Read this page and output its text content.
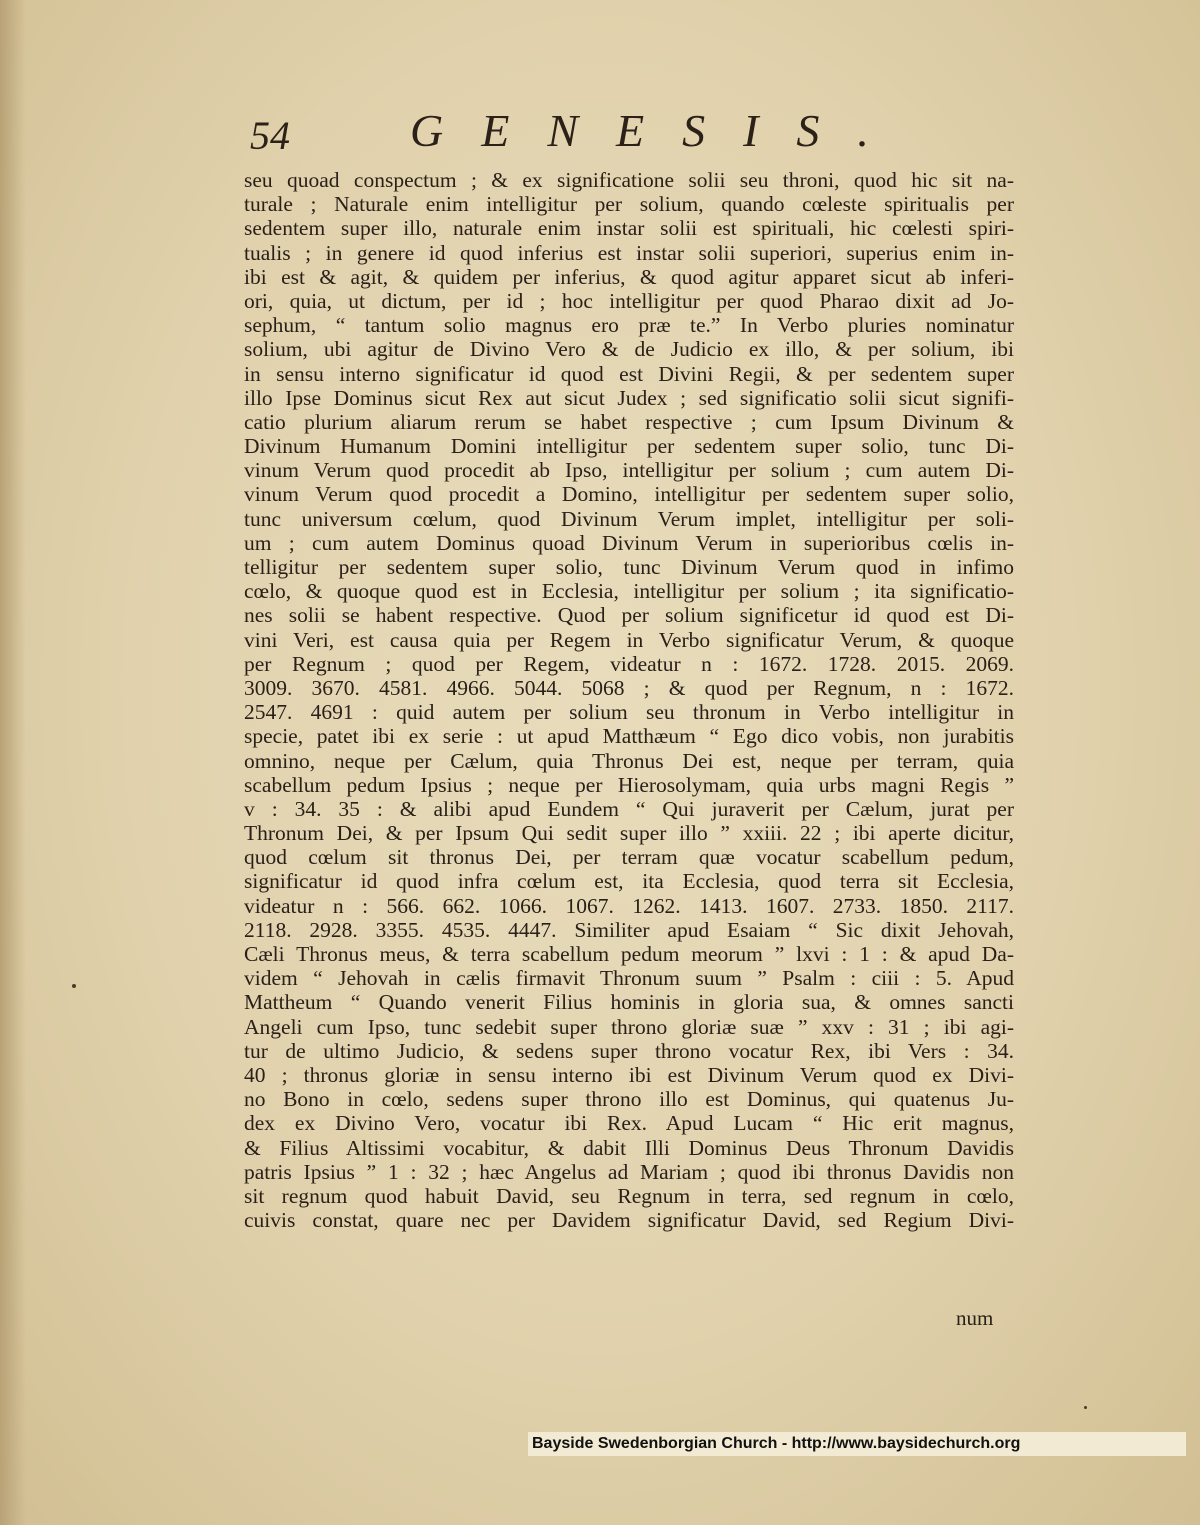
54	GENESIS.
seu quoad conspectum ; & ex significatione solii seu throni, quod hic sit na-
turale ; Naturale enim intelligitur per solium, quando cœleste spiritualis per
sedentem super illo, naturale enim instar solii est spirituali, hic cœlesti spiri-
tualis ; in genere id quod inferius est instar solii superiori, superius enim in-
ibi est & agit, & quidem per inferius, & quod agitur apparet sicut ab inferi-
ori, quia, ut dictum, per id ; hoc intelligitur per quod Pharao dixit ad Jo-
sephum, “ tantum solio magnus ero præ te.” In Verbo pluries nominatur
solium, ubi agitur de Divino Vero & de Judicio ex illo, & per solium, ibi
in sensu interno significatur id quod est Divini Regii, & per sedentem super
illo Ipse Dominus sicut Rex aut sicut Judex ; sed significatio solii sicut signifi-
catio plurium aliarum rerum se habet respective ; cum Ipsum Divinum &
Divinum Humanum Domini intelligitur per sedentem super solio, tunc Di-
vinum Verum quod procedit ab Ipso, intelligitur per solium ; cum autem Di-
vinum Verum quod procedit a Domino, intelligitur per sedentem super solio,
tunc universum cœlum, quod Divinum Verum implet, intelligitur per soli-
um ; cum autem Dominus quoad Divinum Verum in superioribus cœlis in-
telligitur per sedentem super solio, tunc Divinum Verum quod in infimo
cœlo, & quoque quod est in Ecclesia, intelligitur per solium ; ita significatio-
nes solii se habent respective. Quod per solium significetur id quod est Di-
vini Veri, est causa quia per Regem in Verbo significatur Verum, & quoque
per Regnum ; quod per Regem, videatur n : 1672. 1728. 2015. 2069.
3009. 3670. 4581. 4966. 5044. 5068 ; & quod per Regnum, n : 1672.
2547. 4691 : quid autem per solium seu thronum in Verbo intelligitur in
specie, patet ibi ex serie : ut apud Matthæum “ Ego dico vobis, non jurabitis
omnino, neque per Cælum, quia Thronus Dei est, neque per terram, quia
scabellum pedum Ipsius ; neque per Hierosolymam, quia urbs magni Regis ”
v : 34. 35 : & alibi apud Eundem “ Qui juraverit per Cælum, jurat per
Thronum Dei, & per Ipsum Qui sedit super illo ” xxiii. 22 ; ibi aperte dicitur,
quod cœlum sit thronus Dei, per terram quæ vocatur scabellum pedum,
significatur id quod infra cœlum est, ita Ecclesia, quod terra sit Ecclesia,
videatur n : 566. 662. 1066. 1067. 1262. 1413. 1607. 2733. 1850. 2117.
2118. 2928. 3355. 4535. 4447. Similiter apud Esaiam “ Sic dixit Jehovah,
Cæli Thronus meus, & terra scabellum pedum meorum ” lxvi : 1 : & apud Da-
videm “ Jehovah in cælis firmavit Thronum suum ” Psalm : ciii : 5. Apud
Mattheum “ Quando venerit Filius hominis in gloria sua, & omnes sancti
Angeli cum Ipso, tunc sedebit super throno gloriæ suæ ” xxv : 31 ; ibi agi-
tur de ultimo Judicio, & sedens super throno vocatur Rex, ibi Vers : 34.
40 ; thronus gloriæ in sensu interno ibi est Divinum Verum quod ex Divi-
no Bono in cœlo, sedens super throno illo est Dominus, qui quatenus Ju-
dex ex Divino Vero, vocatur ibi Rex. Apud Lucam “ Hic erit magnus,
& Filius Altissimi vocabitur, & dabit Illi Dominus Deus Thronum Davidis
patris Ipsius ” 1 : 32 ; hæc Angelus ad Mariam ; quod ibi thronus Davidis non
sit regnum quod habuit David, seu Regnum in terra, sed regnum in cœlo,
cuivis constat, quare nec per Davidem significatur David, sed Regium Divi-
num
Bayside Swedenborgian Church - http://www.baysidechurch.org
